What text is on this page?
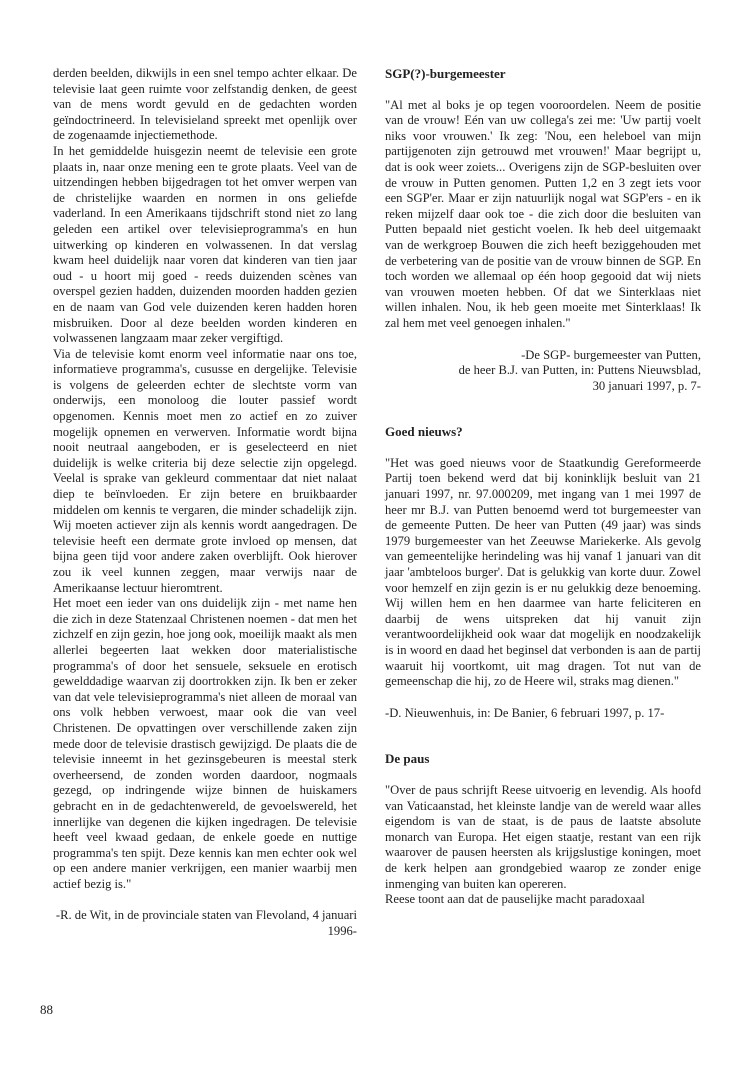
derden beelden, dikwijls in een snel tempo achter elkaar. De televisie laat geen ruimte voor zelfstandig denken, de geest van de mens wordt gevuld en de gedachten worden geïndoctrineerd. In televisieland spreekt met openlijk over de zogenaamde injectiemethode.

In het gemiddelde huisgezin neemt de televisie een grote plaats in, naar onze mening een te grote plaats. Veel van de uitzendingen hebben bijgedragen tot het omver werpen van de christelijke waarden en normen in ons geliefde vaderland. In een Amerikaans tijdschrift stond niet zo lang geleden een artikel over televisieprogramma's en hun uitwerking op kinderen en volwassenen. In dat verslag kwam heel duidelijk naar voren dat kinderen van tien jaar oud - u hoort mij goed - reeds duizenden scènes van overspel gezien hadden, duizenden moorden hadden gezien en de naam van God vele duizenden keren hadden horen misbruiken. Door al deze beelden worden kinderen en volwassenen langzaam maar zeker vergiftigd.

Via de televisie komt enorm veel informatie naar ons toe, informatieve programma's, cususse en dergelijke. Televisie is volgens de geleerden echter de slechtste vorm van onderwijs, een monoloog die louter passief wordt opgenomen. Kennis moet men zo actief en zo zuiver mogelijk opnemen en verwerven. Informatie wordt bijna nooit neutraal aangeboden, er is geselecteerd en niet duidelijk is welke criteria bij deze selectie zijn opgelegd. Veelal is sprake van gekleurd commentaar dat niet nalaat diep te beïnvloeden. Er zijn betere en bruikbaarder middelen om kennis te vergaren, die minder schadelijk zijn. Wij moeten actiever zijn als kennis wordt aangedragen. De televisie heeft een dermate grote invloed op mensen, dat bijna geen tijd voor andere zaken overblijft. Ook hierover zou ik veel kunnen zeggen, maar verwijs naar de Amerikaanse lectuur hieromtrent.

Het moet een ieder van ons duidelijk zijn - met name hen die zich in deze Statenzaal Christenen noemen - dat men het zichzelf en zijn gezin, hoe jong ook, moeilijk maakt als men allerlei begeerten laat wekken door materialistische programma's of door het sensuele, seksuele en erotisch gewelddadige waarvan zij doortrokken zijn. Ik ben er zeker van dat vele televisieprogramma's niet alleen de moraal van ons volk hebben verwoest, maar ook die van veel Christenen. De opvattingen over verschillende zaken zijn mede door de televisie drastisch gewijzigd. De plaats die de televisie inneemt in het gezinsgebeuren is meestal sterk overheersend, de zonden worden daardoor, nogmaals gezegd, op indringende wijze binnen de huiskamers gebracht en in de gedachtenwereld, de gevoelswereld, het innerlijke van degenen die kijken ingedragen. De televisie heeft veel kwaad gedaan, de enkele goede en nuttige programma's ten spijt. Deze kennis kan men echter ook wel op een andere manier verkrijgen, een manier waarbij men actief bezig is."

-R. de Wit, in de provinciale staten van Flevoland, 4 januari 1996-

SGP(?)-burgemeester

"Al met al boks je op tegen vooroordelen. Neem de positie van de vrouw! Eén van uw collega's zei me: 'Uw partij voelt niks voor vrouwen.' Ik zeg: 'Nou, een heleboel van mijn partijgenoten zijn getrouwd met vrouwen!' Maar begrijpt u, dat is ook weer zoiets... Overigens zijn de SGP-besluiten over de vrouw in Putten genomen. Putten 1,2 en 3 zegt iets voor een SGP'er. Maar er zijn natuurlijk nogal wat SGP'ers - en ik reken mijzelf daar ook toe - die zich door die besluiten van Putten bepaald niet gesticht voelen. Ik heb deel uitgemaakt van de werkgroep Bouwen die zich heeft beziggehouden met de verbetering van de positie van de vrouw binnen de SGP. En toch worden we allemaal op één hoop gegooid dat wij niets van vrouwen moeten hebben. Of dat we Sinterklaas niet willen inhalen. Nou, ik heb geen moeite met Sinterklaas! Ik zal hem met veel genoegen inhalen."

-De SGP- burgemeester van Putten,

de heer B.J. van Putten, in: Puttens Nieuwsblad,

30 januari 1997, p. 7-

Goed nieuws?

"Het was goed nieuws voor de Staatkundig Gereformeerde Partij toen bekend werd dat bij koninklijk besluit van 21 januari 1997, nr. 97.000209, met ingang van 1 mei 1997 de heer mr B.J. van Putten benoemd werd tot burgemeester van de gemeente Putten. De heer van Putten (49 jaar) was sinds 1979 burgemeester van het Zeeuwse Mariekerke. Als gevolg van gemeentelijke herindeling was hij vanaf 1 januari van dit jaar 'ambteloos burger'. Dat is gelukkig van korte duur. Zowel voor hemzelf en zijn gezin is er nu gelukkig deze benoeming. Wij willen hem en hen daarmee van harte feliciteren en daarbij de wens uitspreken dat hij vanuit zijn verantwoordelijkheid ook waar dat mogelijk en noodzakelijk is in woord en daad het beginsel dat verbonden is aan de partij waaruit hij voortkomt, uit mag dragen. Tot nut van de gemeenschap die hij, zo de Heere wil, straks mag dienen."

-D. Nieuwenhuis, in: De Banier, 6 februari 1997, p. 17-

De paus

"Over de paus schrijft Reese uitvoerig en levendig. Als hoofd van Vaticaanstad, het kleinste landje van de wereld waar alles eigendom is van de staat, is de paus de laatste absolute monarch van Europa. Het eigen staatje, restant van een rijk waarover de pausen heersten als krijgslustige koningen, moet de kerk helpen aan grondgebied waarop ze zonder enige inmenging van buiten kan opereren.

Reese toont aan dat de pauselijke macht paradoxaal

88
